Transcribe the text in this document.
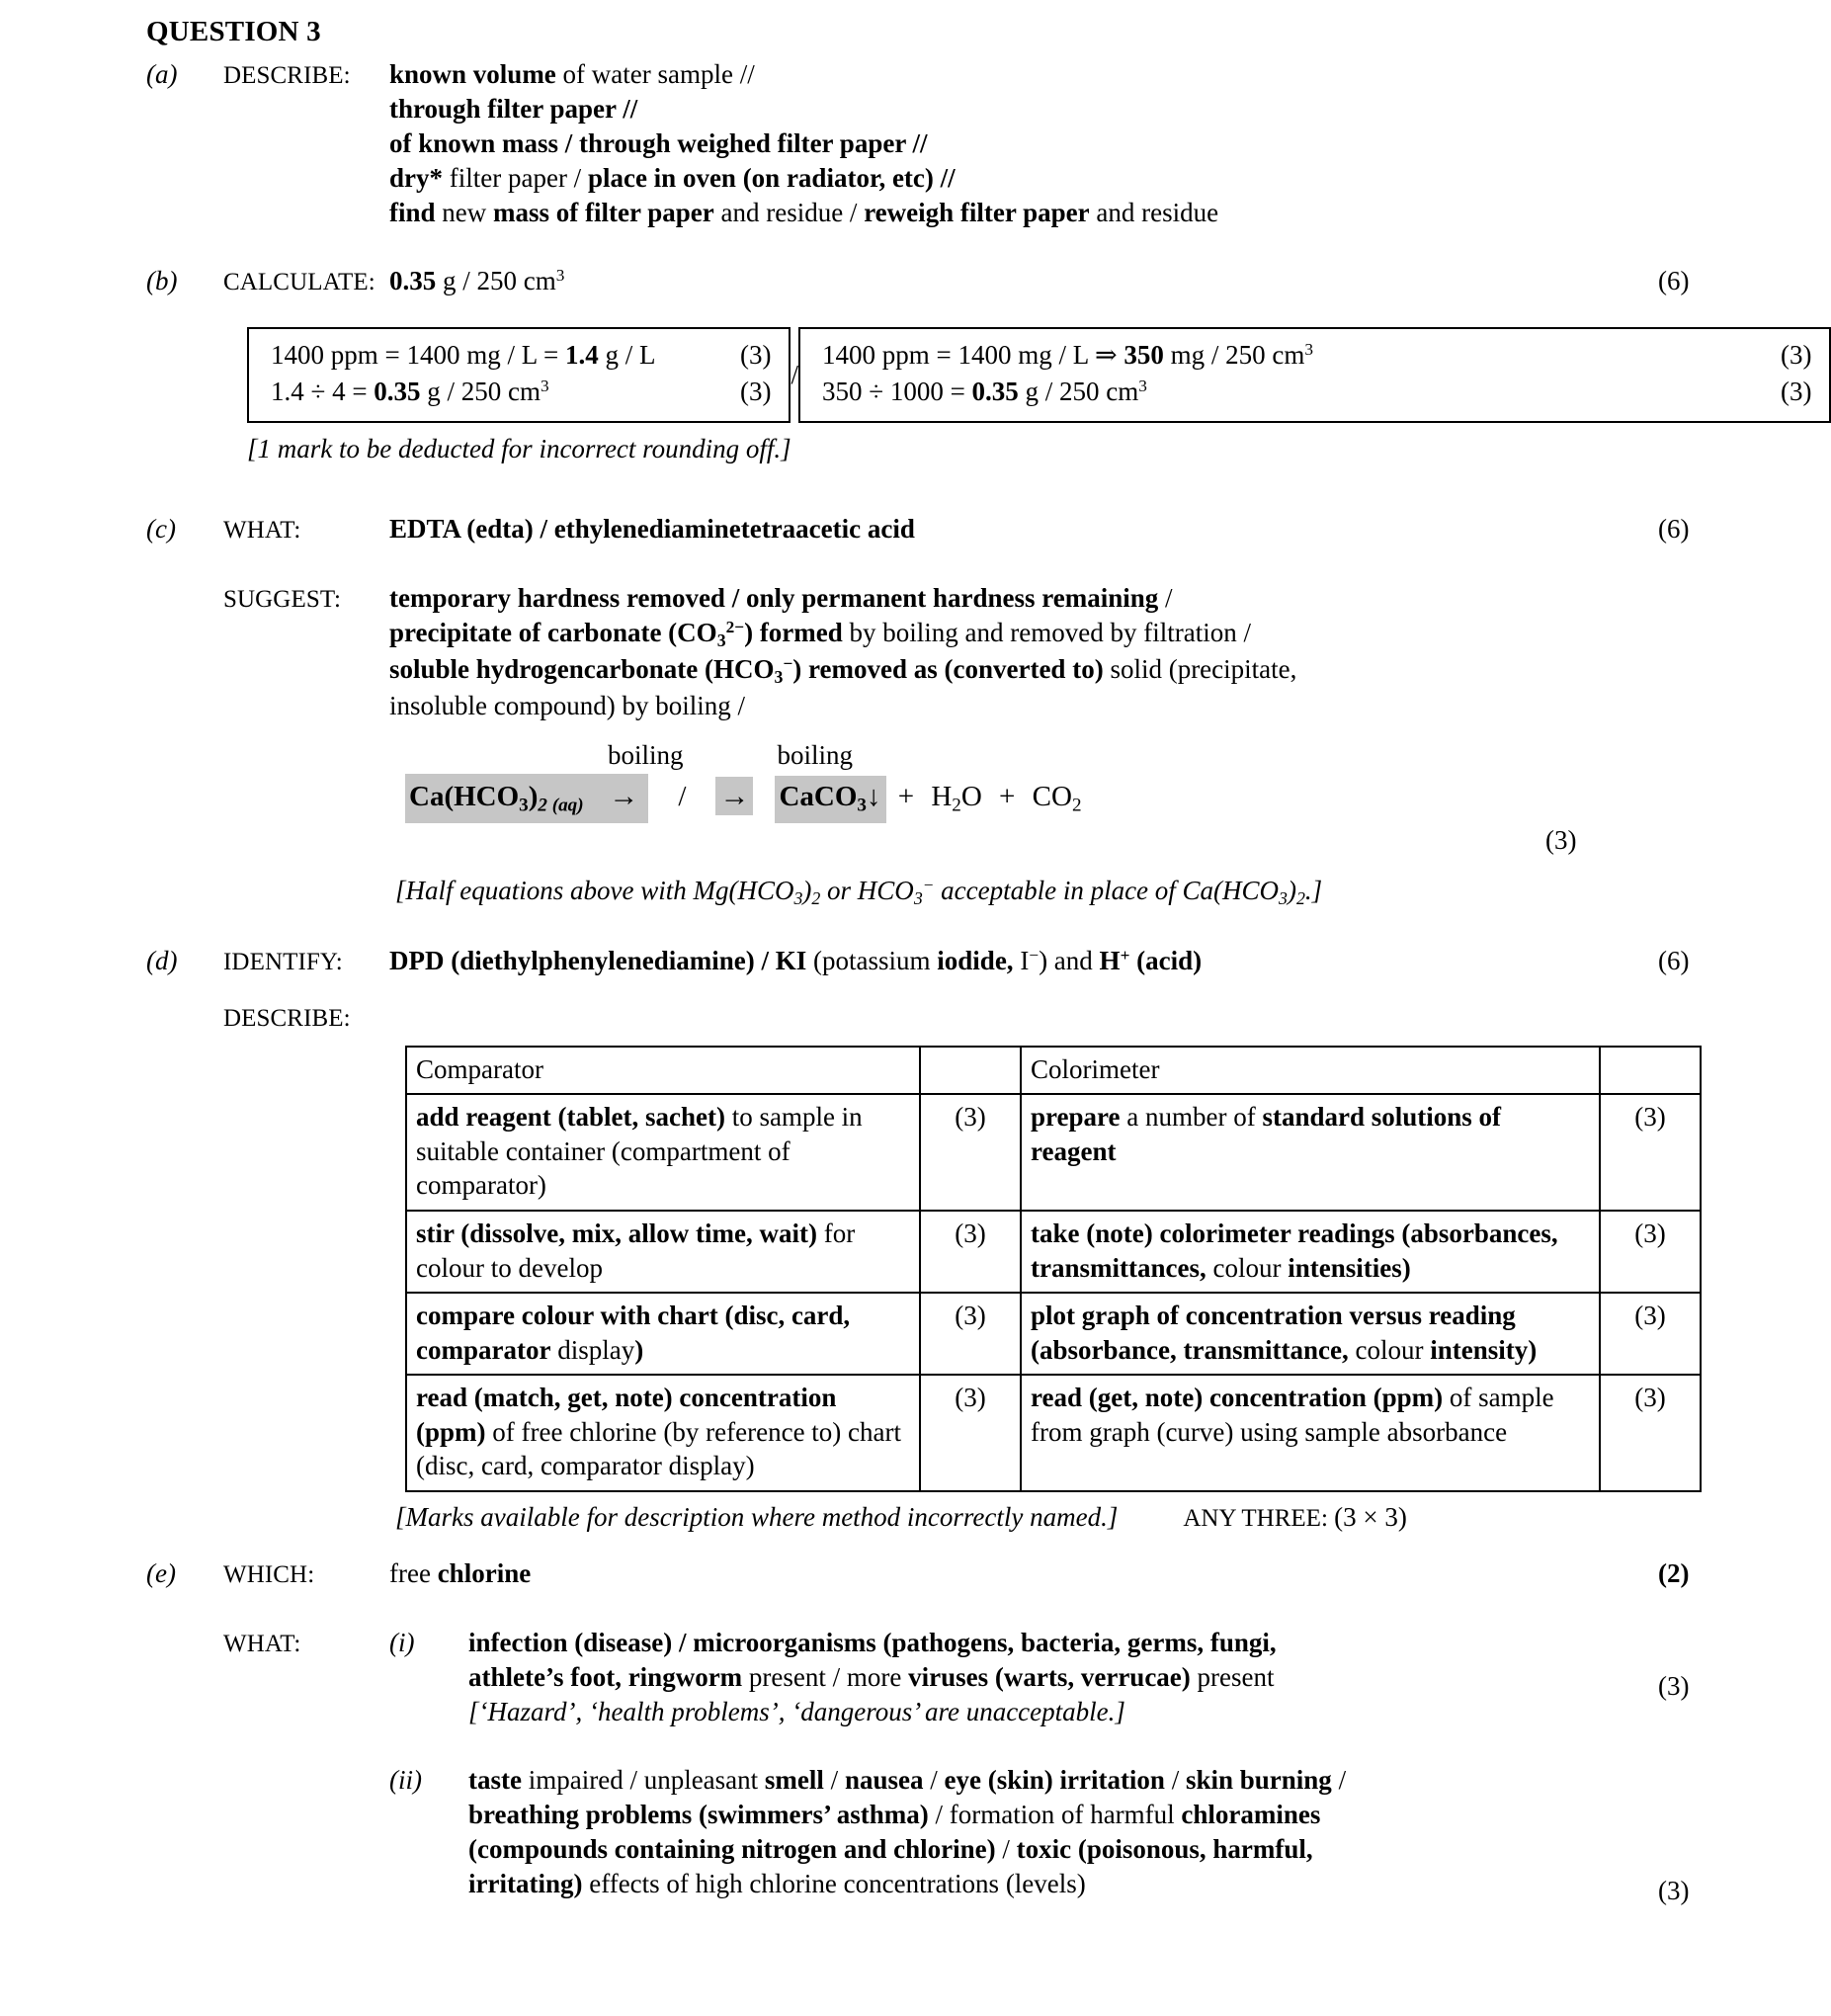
QUESTION 3
(a)	DESCRIBE:	known volume of water sample //
through filter paper //
of known mass / through weighed filter paper //
dry* filter paper / place in oven (on radiator, etc) //
find new mass of filter paper and residue / reweigh filter paper and residue
(b)	CALCULATE: 0.35 g / 250 $cm^3$	(6)
1400 ppm = 1400 mg / L = 1.4 g / L	(3)
1.4 ÷ 4 = 0.35 g / 250 $cm^3$	(3)
/
1400 ppm = 1400 mg / L ⇒ 350 mg / 250 $cm^3$	(3)
350 ÷ 1000 = 0.35 g / 250 $cm^3$	(3)
[1 mark to be deducted for incorrect rounding off.]
(c)	WHAT:	EDTA (edta) / ethylenediaminetetraacetic acid	(6)
SUGGEST:	temporary hardness removed / only permanent hardness remaining /
precipitate of carbonate $(CO_3^{2-})$ formed by boiling and removed by filtration /
soluble hydrogencarbonate $(HCO_3^-)$ removed as (converted to) solid (precipitate,
insoluble compound) by boiling /
boiling	boiling
$Ca(HCO_3)_{2 (aq)}$ →	/	→ CaCO$_3$↓ + $H_2O + CO_2$
(3)
[Half equations above with $Mg(HCO_3)_2$ or $HCO_3^-$ acceptable in place of $Ca(HCO_3)_2$.]
(d)	IDENTIFY:	DPD (diethylphenylenediamine) / KI (potassium iodide, I−) and H+ (acid)	(6)
DESCRIBE:
Comparator		Colorimeter	
add reagent (tablet, sachet) to sample in suitable container (compartment of comparator)	(3)	prepare a number of standard solutions of reagent	(3)
stir (dissolve, mix, allow time, wait) for colour to develop	(3)	take (note) colorimeter readings (absorbances, transmittances, colour intensities)	(3)
compare colour with chart (disc, card, comparator display)	(3)	plot graph of concentration versus reading (absorbance, transmittance, colour intensity)	(3)
read (match, get, note) concentration (ppm) of free chlorine (by reference to) chart (disc, card, comparator display)	(3)	read (get, note) concentration (ppm) of sample from graph (curve) using sample absorbance	(3)
[Marks available for description where method incorrectly named.]	ANY THREE: (3 × 3)
(e)	WHICH:	free chlorine	(2)
WHAT:	(i)	infection (disease) / microorganisms (pathogens, bacteria, germs, fungi,
athlete’s foot, ringworm present / more viruses (warts, verrucae) present
[‘Hazard’, ‘health problems’, ‘dangerous’ are unacceptable.]
(3)
(ii)	taste impaired / unpleasant smell / nausea / eye (skin) irritation / skin burning /
breathing problems (swimmers’ asthma) / formation of harmful chloramines
(compounds containing nitrogen and chlorine) / toxic (poisonous, harmful,
irritating) effects of high chlorine concentrations (levels)	(3)
